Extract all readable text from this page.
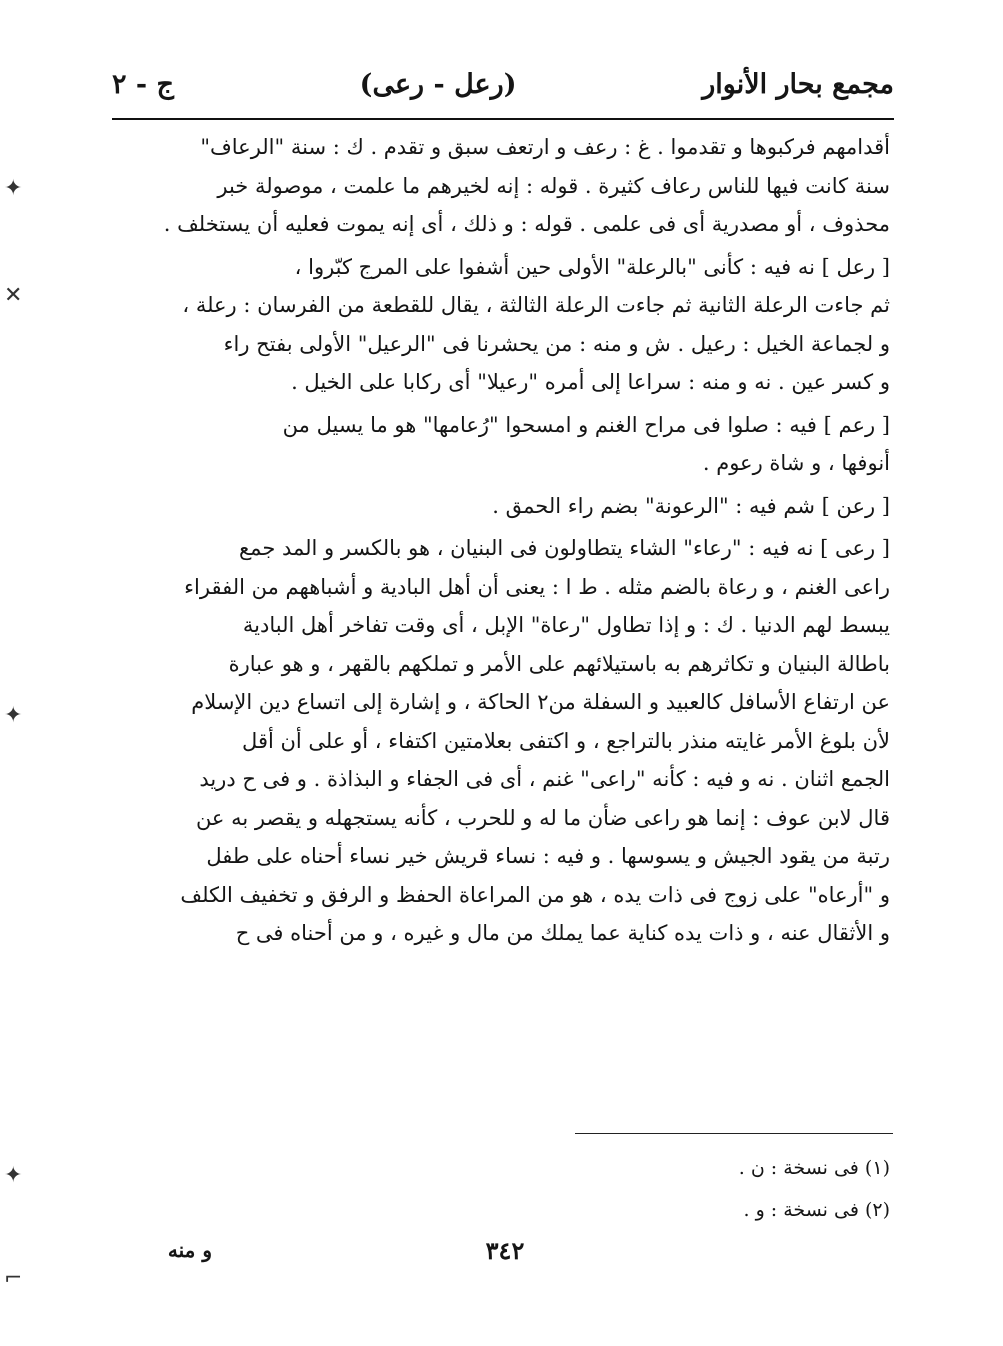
مجمع بحار الأنوار
(رعل - رعى)
ج - ٢
أقدامهم فركبوها و تقدموا . غ : رعف و ارتعف سبق و تقدم . ك : سنة "الرعاف"
سنة كانت فيها للناس رعاف كثيرة . قوله : إنه لخيرهم ما علمت ، موصولة خبر
محذوف ، أو مصدرية أى فى علمى . قوله : و ذلك ، أى إنه يموت فعليه أن يستخلف .
[ رعل ] نه فيه : كأنى "بالرعلة" الأولى حين أشفوا على المرج كبّروا ،
ثم جاءت الرعلة الثانية ثم جاءت الرعلة الثالثة ، يقال للقطعة من الفرسان : رعلة ،
و لجماعة الخيل : رعيل . ش و منه : من يحشرنا فى "الرعيل" الأولى بفتح راء
و كسر عين . نه و منه : سراعا إلى أمره "رعيلا" أى ركابا على الخيل .
[ رعم ] فيه : صلوا فى مراح الغنم و امسحوا "رُعامها" هو ما يسيل من
أنوفها ، و شاة رعوم .
[ رعن ] شم فيه : "الرعونة" بضم راء الحمق .
[ رعى ] نه فيه : "رعاء" الشاء يتطاولون فى البنيان ، هو بالكسر و المد جمع
راعى الغنم ، و رعاة بالضم مثله . ط ا : يعنى أن أهل البادية و أشباههم من الفقراء
يبسط لهم الدنيا . ك : و إذا تطاول "رعاة" الإبل ، أى وقت تفاخر أهل البادية
باطالة البنيان و تكاثرهم به باستيلائهم على الأمر و تملكهم بالقهر ، و هو عبارة
عن ارتفاع الأسافل كالعبيد و السفلة من٢ الحاكة ، و إشارة إلى اتساع دين الإسلام
لأن بلوغ الأمر غايته منذر بالتراجع ، و اكتفى بعلامتين اكتفاء ، أو على أن أقل
الجمع اثنان . نه و فيه : كأنه "راعى" غنم ، أى فى الجفاء و البذاذة . و فى ح دريد
قال لابن عوف : إنما هو راعى ضأن ما له و للحرب ، كأنه يستجهله و يقصر به عن
رتبة من يقود الجيش و يسوسها . و فيه : نساء قريش خير نساء أحناه على طفل
و "أرعاه" على زوج فى ذات يده ، هو من المراعاة الحفظ و الرفق و تخفيف الكلف
و الأثقال عنه ، و ذات يده كناية عما يملك من مال و غيره ، و من أحناه فى ح
(١) فى نسخة : ن .
(٢) فى نسخة : و .
٣٤٢
و منه
✦
✕
✦
✦
⌐
